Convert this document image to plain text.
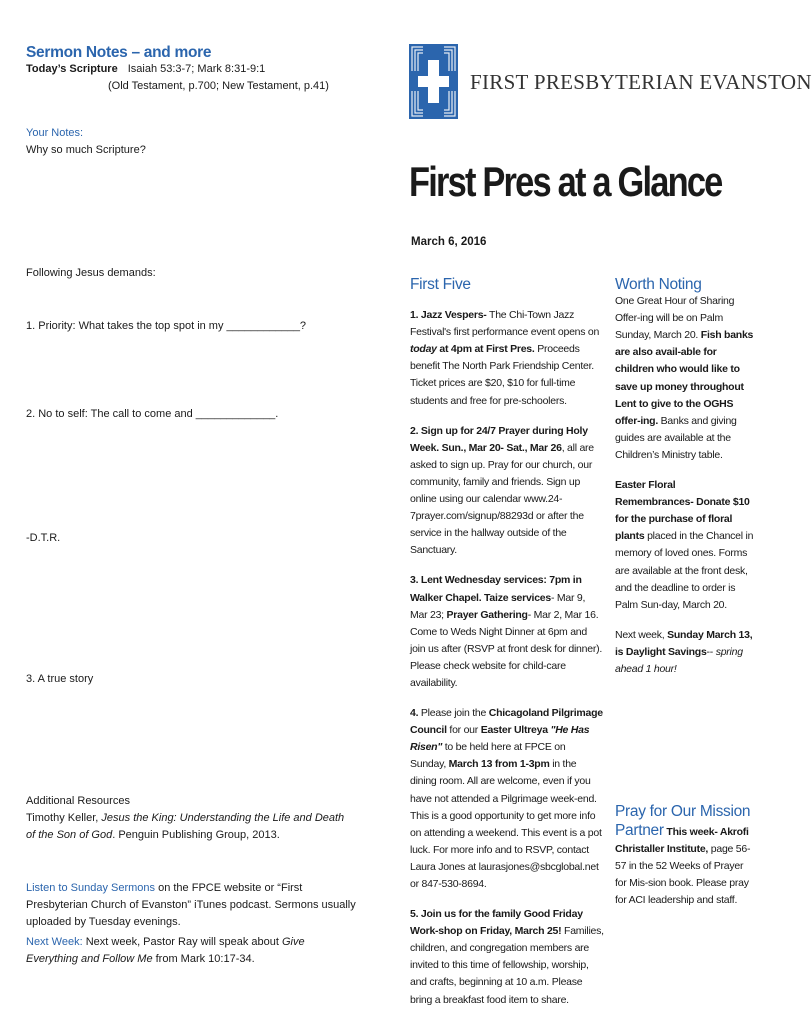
Sermon Notes – and more
Today’s Scripture Isaiah 53:3-7; Mark 8:31-9:1
(Old Testament, p.700; New Testament, p.41)
Your Notes:
Why so much Scripture?
Following Jesus demands:
1. Priority: What takes the top spot in my ____________?
2. No to self: The call to come and _____________.
-D.T.R.
3. A true story
Additional Resources
Timothy Keller, Jesus the King: Understanding the Life and Death of the Son of God. Penguin Publishing Group, 2013.
Listen to Sunday Sermons on the FPCE website or “First Presbyterian Church of Evanston” iTunes podcast. Sermons usually uploaded by Tuesday evenings.
Next Week: Next week, Pastor Ray will speak about Give Everything and Follow Me from Mark 10:17-34.
FIRST PRESBYTERIAN EVANSTON
First Pres at a Glance
March 6, 2016
First Five

1. Jazz Vespers- The Chi-Town Jazz Festival's first performance event opens on today at 4pm at First Pres. Proceeds benefit The North Park Friendship Center. Ticket prices are $20, $10 for full-time students and free for pre-schoolers.

2. Sign up for 24/7 Prayer during Holy Week. Sun., Mar 20- Sat., Mar 26, all are asked to sign up. Pray for our church, our community, family and friends. Sign up online using our calendar www.24-7prayer.com/signup/88293d or after the service in the hallway outside of the Sanctuary.

3. Lent Wednesday services: 7pm in Walker Chapel. Taize services- Mar 9, Mar 23; Prayer Gathering- Mar 2, Mar 16. Come to Weds Night Dinner at 6pm and join us after (RSVP at front desk for dinner). Please check website for child-care availability.

4. Please join the Chicagoland Pilgrimage Council for our Easter Ultreya "He Has Risen" to be held here at FPCE on Sunday, March 13 from 1-3pm in the dining room. All are welcome, even if you have not attended a Pilgrimage week-end. This is a good opportunity to get more info on attending a weekend. This event is a pot luck. For more info and to RSVP, contact Laura Jones at laurasjones@sbcglobal.net or 847-530-8694.

5. Join us for the family Good Friday Work-shop on Friday, March 25! Families, children, and congregation members are invited to this time of fellowship, worship, and crafts, beginning at 10 a.m. Please bring a breakfast food item to share.

Worth Noting

One Great Hour of Sharing Offer-ing will be on Palm Sunday, March 20. Fish banks are also avail-able for children who would like to save up money throughout Lent to give to the OGHS offer-ing. Banks and giving guides are available at the Children’s Ministry table.

Easter Floral Remembrances- Donate $10 for the purchase of floral plants placed in the Chancel in memory of loved ones. Forms are available at the front desk, and the deadline to order is Palm Sun-day, March 20.

Next week, Sunday March 13, is Daylight Savings-- spring ahead 1 hour!

Pray for Our Mission Partner This week- Akrofi Christaller Institute, page 56-57 in the 52 Weeks of Prayer for Mis-sion book. Please pray for ACI leadership and staff.
